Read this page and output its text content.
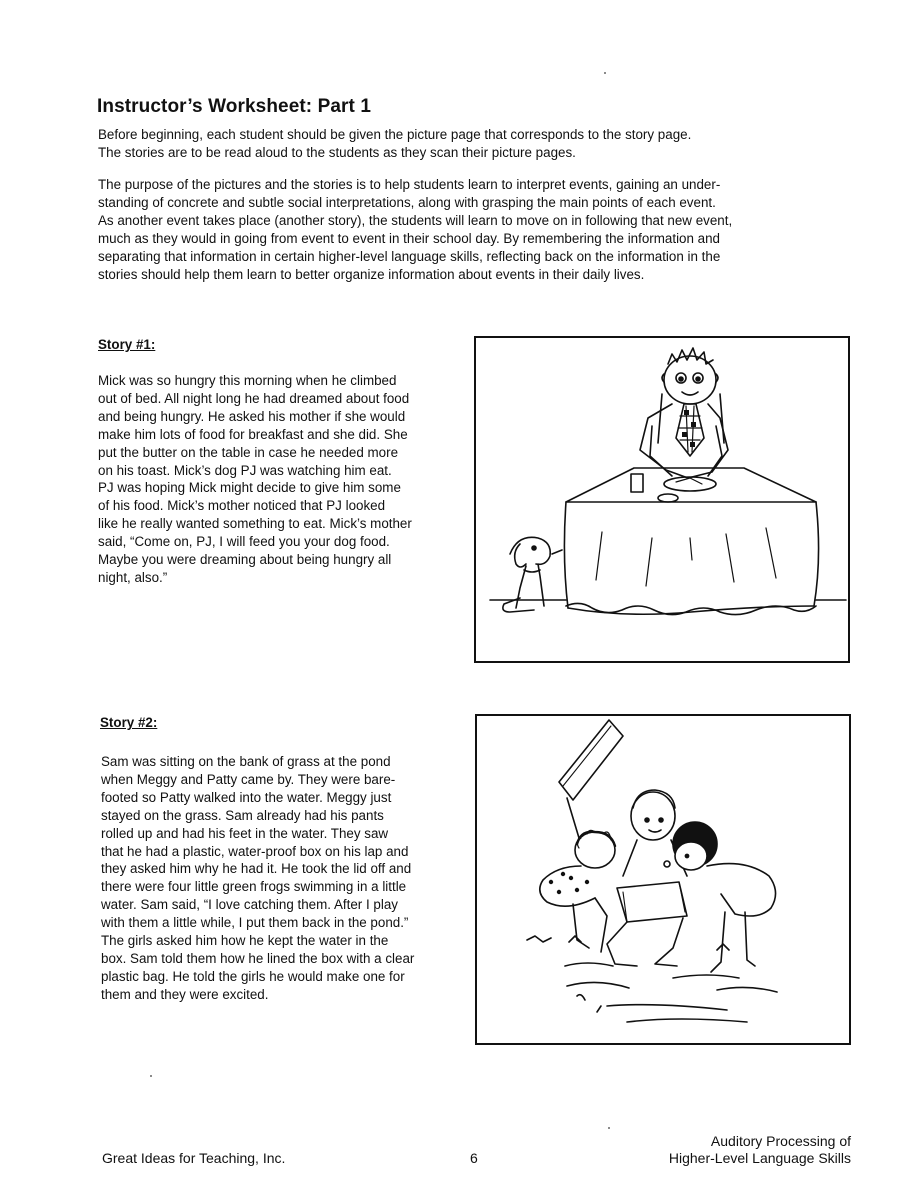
Instructor’s Worksheet: Part 1
Before beginning, each student should be given the picture page that corresponds to the story page.
The stories are to be read aloud to the students as they scan their picture pages.
The purpose of the pictures and the stories is to help students learn to interpret events, gaining an under-
standing of concrete and subtle social interpretations, along with grasping the main points of each event.
As another event takes place (another story), the students will learn to move on in following that new event,
much as they would in going from event to event in their school day. By remembering the information and
separating that information in certain higher-level language skills, reflecting back on the information in the
stories should help them learn to better organize information about events in their daily lives.
Story #1:
Mick was so hungry this morning when he climbed
out of bed. All night long he had dreamed about food
and being hungry. He asked his mother if she would
make him lots of food for breakfast and she did. She
put the butter on the table in case he needed more
on his toast. Mick’s dog PJ was watching him eat.
PJ was hoping Mick might decide to give him some
of his food. Mick’s mother noticed that PJ looked
like he really wanted something to eat. Mick’s mother
said, “Come on, PJ, I will feed you your dog food.
Maybe you were dreaming about being hungry all
night, also.”
Story #2:
Sam was sitting on the bank of grass at the pond
when Meggy and Patty came by. They were bare-
footed so Patty walked into the water. Meggy just
stayed on the grass. Sam already had his pants
rolled up and had his feet in the water. They saw
that he had a plastic, water-proof box on his lap and
they asked him why he had it. He took the lid off and
there were four little green frogs swimming in a little
water. Sam said, “I love catching them. After I play
with them a little while, I put them back in the pond.”
The girls asked him how he kept the water in the
box. Sam told them how he lined the box with a clear
plastic bag. He told the girls he would make one for
them and they were excited.
Great Ideas for Teaching, Inc.	6
Auditory Processing of
Higher-Level Language Skills
